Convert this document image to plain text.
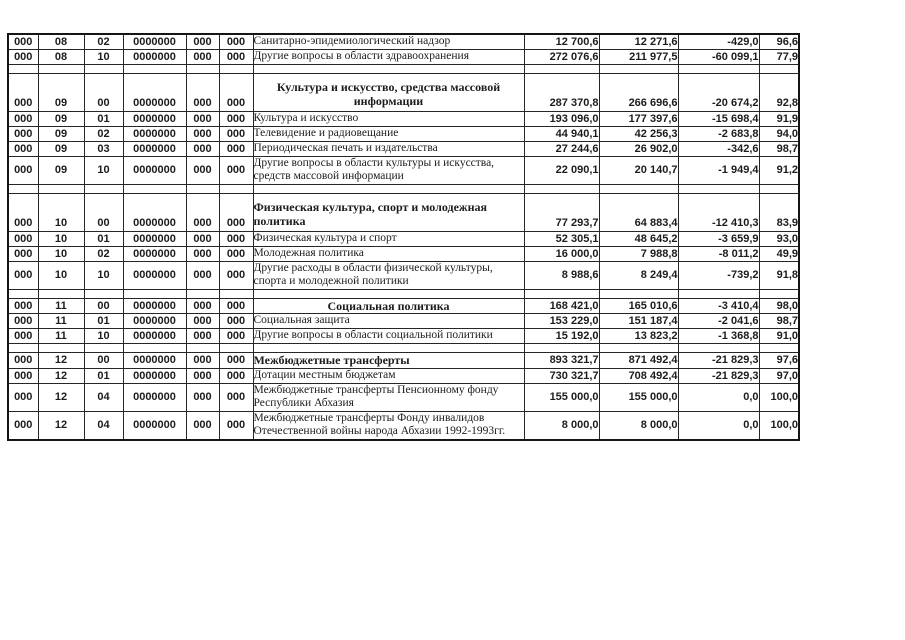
000	08	02	0000000	000	000	Санитарно-эпидемиологический надзор	12 700,6	12 271,6	-429,0	96,6
000	08	10	0000000	000	000	Другие вопросы в области здравоохранения	272 076,6	211 977,5	-60 099,1	77,9

000	09	00	0000000	000	000	Культура и искусство, средства массовой информации	287 370,8	266 696,6	-20 674,2	92,8
000	09	01	0000000	000	000	Культура и искусство	193 096,0	177 397,6	-15 698,4	91,9
000	09	02	0000000	000	000	Телевидение и радиовещание	44 940,1	42 256,3	-2 683,8	94,0
000	09	03	0000000	000	000	Периодическая печать и издательства	27 244,6	26 902,0	-342,6	98,7
000	09	10	0000000	000	000	Другие вопросы в области культуры и искусства, средств массовой информации	22 090,1	20 140,7	-1 949,4	91,2

000	10	00	0000000	000	000	Физическая культура, спорт и молодежная политика	77 293,7	64 883,4	-12 410,3	83,9
000	10	01	0000000	000	000	Физическая культура и спорт	52 305,1	48 645,2	-3 659,9	93,0
000	10	02	0000000	000	000	Молодежная политика	16 000,0	7 988,8	-8 011,2	49,9
000	10	10	0000000	000	000	Другие расходы в области физической культуры, спорта и молодежной политики	8 988,6	8 249,4	-739,2	91,8

000	11	00	0000000	000	000	Социальная политика	168 421,0	165 010,6	-3 410,4	98,0
000	11	01	0000000	000	000	Социальная защита	153 229,0	151 187,4	-2 041,6	98,7
000	11	10	0000000	000	000	Другие вопросы в области социальной политики	15 192,0	13 823,2	-1 368,8	91,0

000	12	00	0000000	000	000	Межбюджетные трансферты	893 321,7	871 492,4	-21 829,3	97,6
000	12	01	0000000	000	000	Дотации местным бюджетам	730 321,7	708 492,4	-21 829,3	97,0
000	12	04	0000000	000	000	Межбюджетные трансферты Пенсионному фонду Республики Абхазия	155 000,0	155 000,0	0,0	100,0
000	12	04	0000000	000	000	Межбюджетные трансферты Фонду инвалидов Отечественной войны народа Абхазии 1992-1993гг.	8 000,0	8 000,0	0,0	100,0
